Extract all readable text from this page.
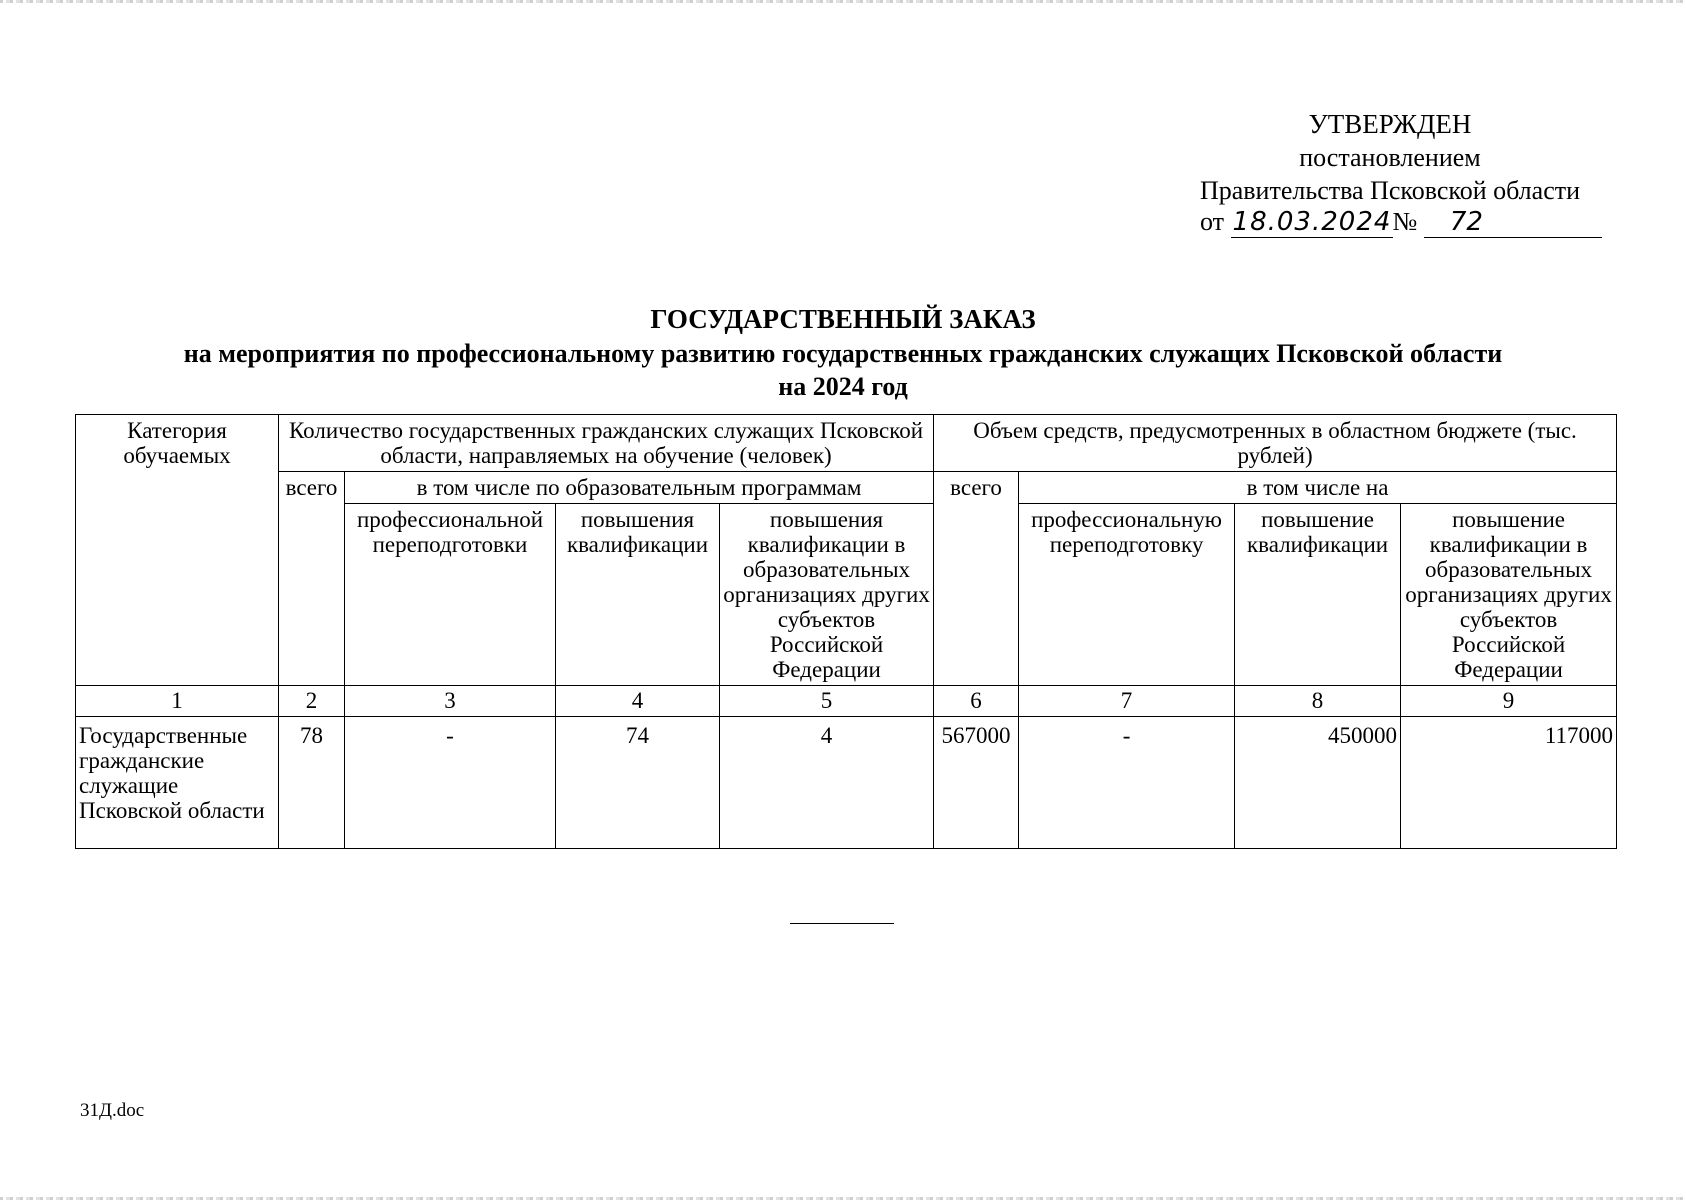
УТВЕРЖДЕН
постановлением
Правительства Псковской области
от 18.03.2024№ 72
ГОСУДАРСТВЕННЫЙ ЗАКАЗ
на мероприятия по профессиональному развитию государственных гражданских служащих Псковской области
на 2024 год
Категория обучаемых	Количество государственных гражданских служащих Псковской области, направляемых на обучение (человек)				Объем средств, предусмотренных в областном бюджете (тыс. рублей)			
	всего	в том числе по образовательным программам			всего	в том числе на		
		профессиональной переподготовки	повышения квалификации	повышения квалификации в образовательных организациях других субъектов Российской Федерации		профессиональную переподготовку	повышение квалификации	повышение квалификации в образовательных организациях других субъектов Российской Федерации
1	2	3	4	5	6	7	8	9
Государственные гражданские служащие Псковской области	78	-	74	4	567000	-	450000	117000
31Д.doc
